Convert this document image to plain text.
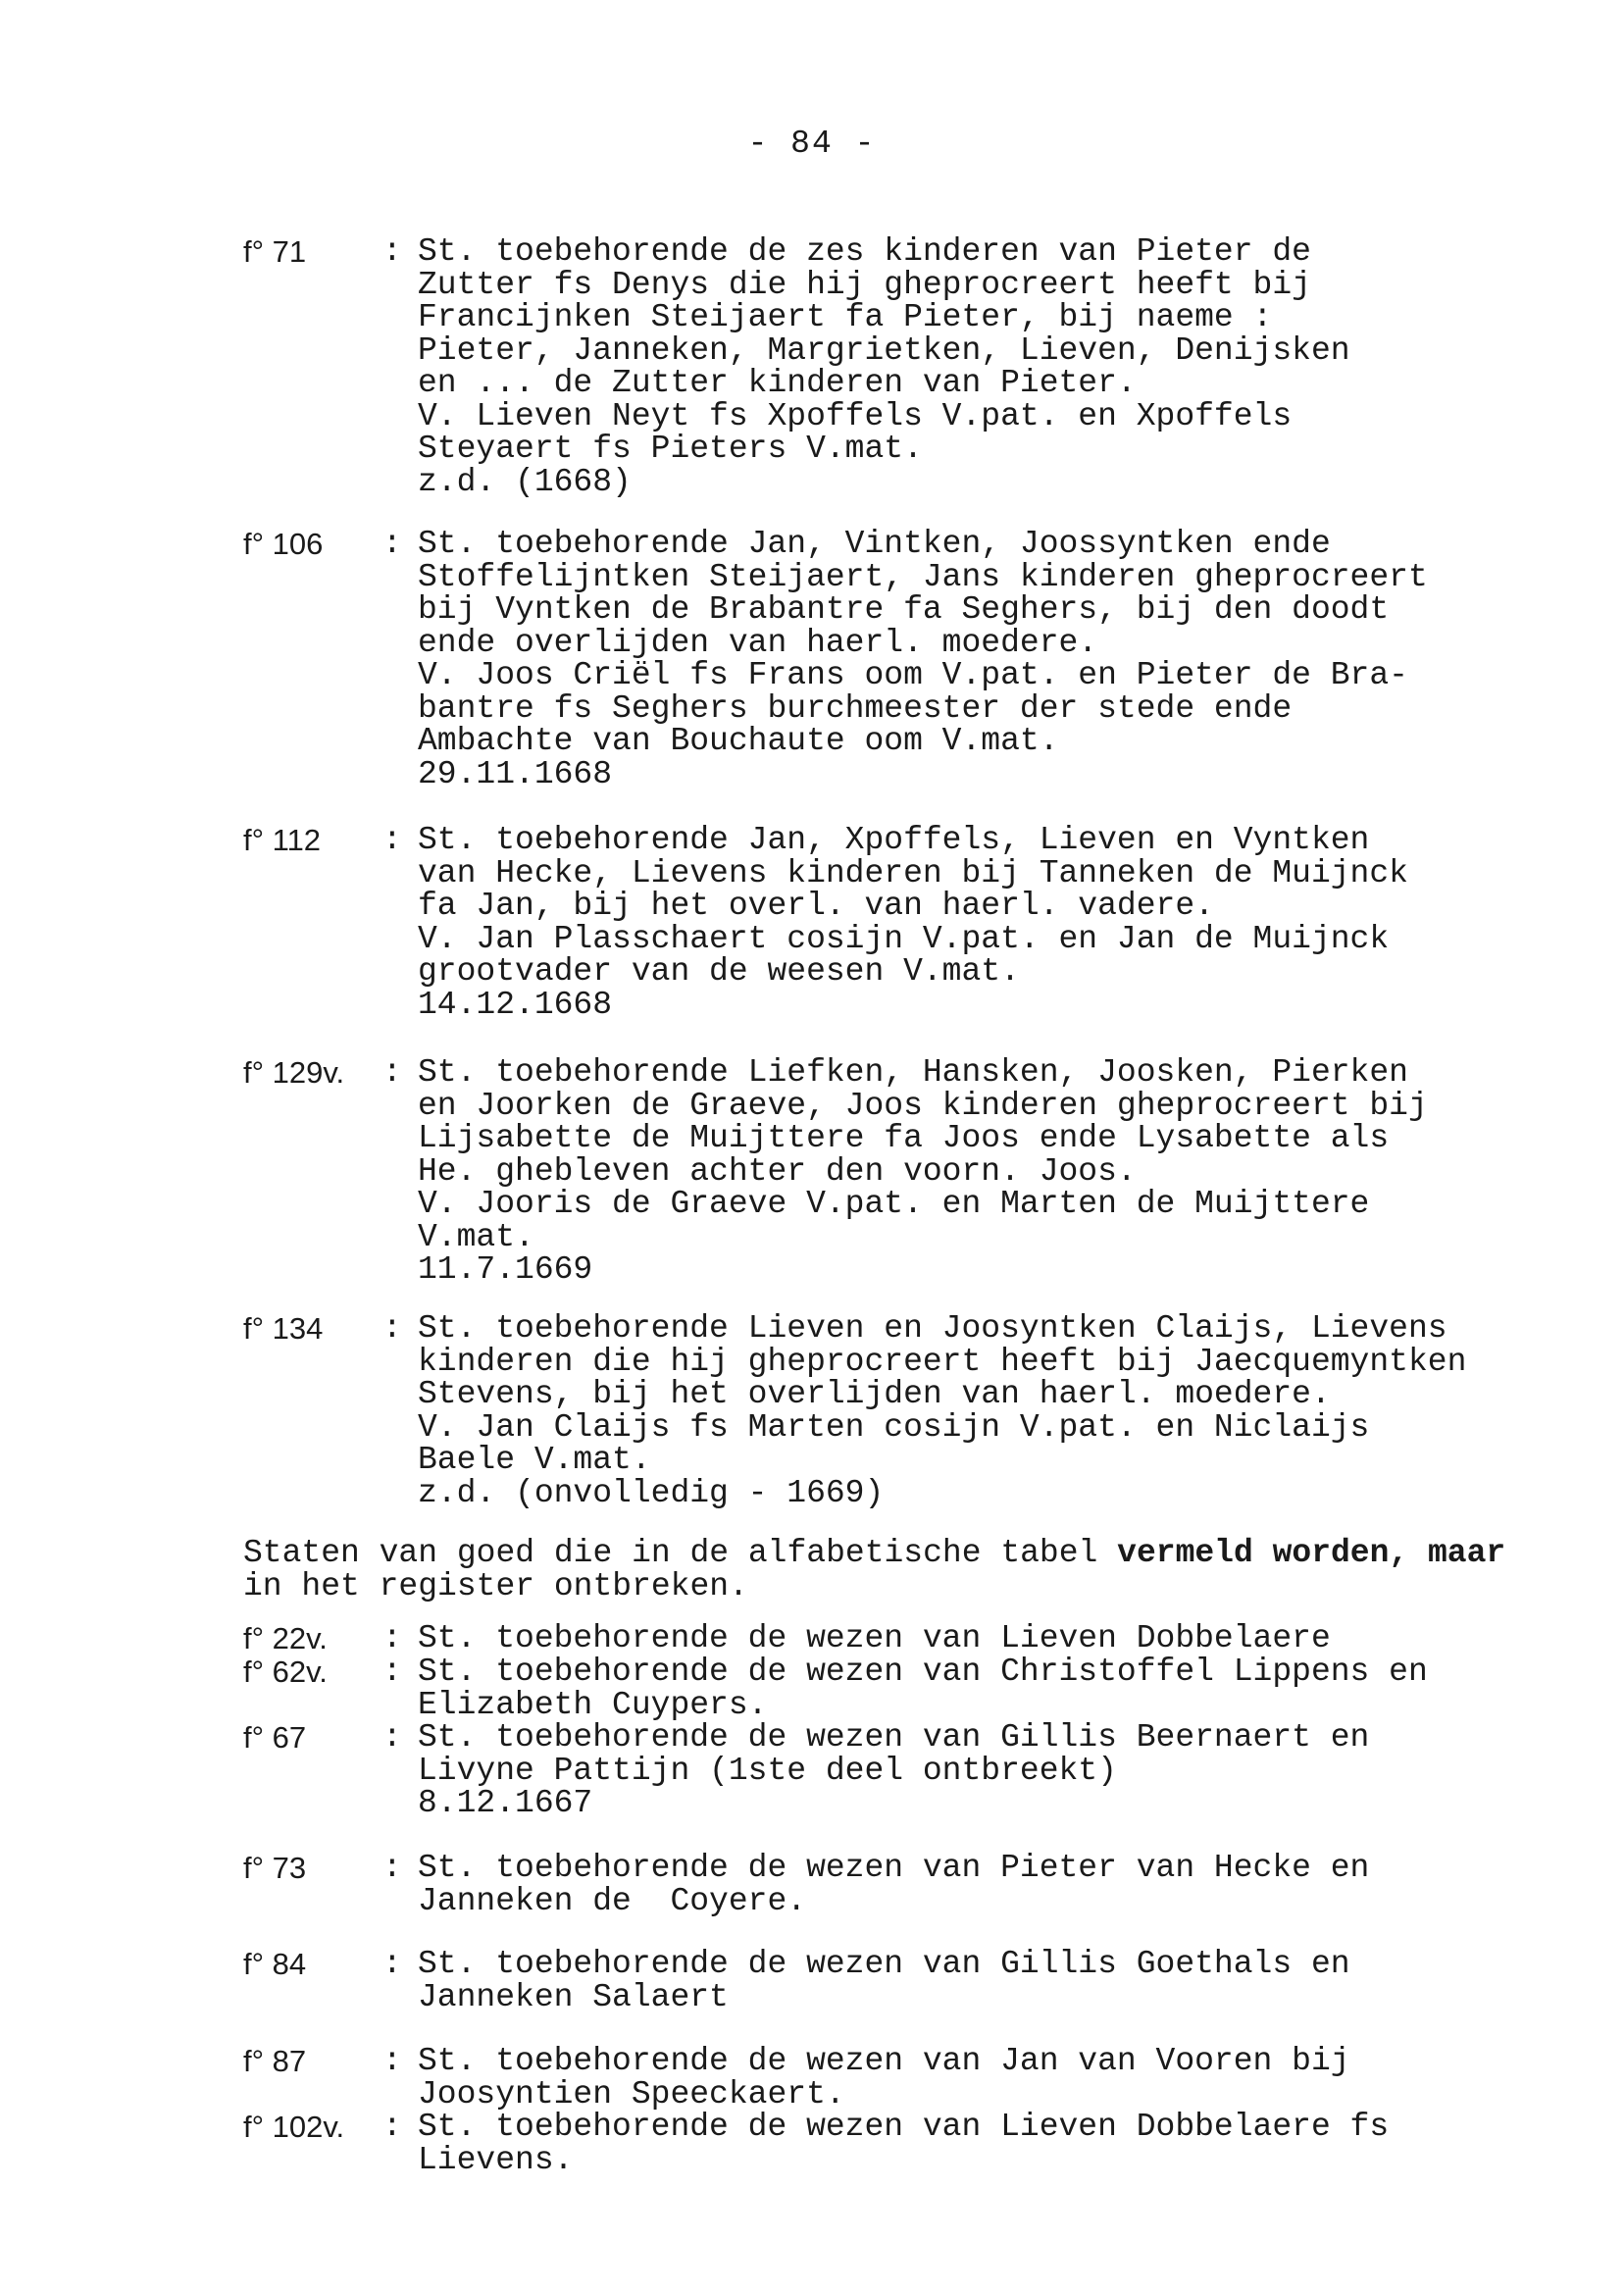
- 84 -
f° 71	: St. toebehorende de zes kinderen van Pieter de
Zutter fs Denys die hij gheprocreert heeft bij
Francijnken Steijaert fa Pieter, bij naeme :
Pieter, Janneken, Margrietken, Lieven, Denijsken
en ... de Zutter kinderen van Pieter.
V. Lieven Neyt fs Xpoffels V.pat. en Xpoffels
Steyaert fs Pieters V.mat.
z.d. (1668)
f° 106	: St. toebehorende Jan, Vintken, Joossyntken ende
Stoffelijntken Steijaert, Jans kinderen gheprocreert
bij Vyntken de Brabantre fa Seghers, bij den doodt
ende overlijden van haerl. moedere.
V. Joos Criël fs Frans oom V.pat. en Pieter de Bra-
bantre fs Seghers burchmeester der stede ende
Ambachte van Bouchaute oom V.mat.
29.11.1668
f° 112	: St. toebehorende Jan, Xpoffels, Lieven en Vyntken
van Hecke, Lievens kinderen bij Tanneken de Muijnck
fa Jan, bij het overl. van haerl. vadere.
V. Jan Plasschaert cosijn V.pat. en Jan de Muijnck
grootvader van de weesen V.mat.
14.12.1668
f° 129v.	: St. toebehorende Liefken, Hansken, Joosken, Pierken
en Joorken de Graeve, Joos kinderen gheprocreert bij
Lijsabette de Muijttere fa Joos ende Lysabette als
He. ghebleven achter den voorn. Joos.
V. Jooris de Graeve V.pat. en Marten de Muijttere
V.mat.
11.7.1669
f° 134	: St. toebehorende Lieven en Joosyntken Claijs, Lievens
kinderen die hij gheprocreert heeft bij Jaecquemyntken
Stevens, bij het overlijden van haerl. moedere.
V. Jan Claijs fs Marten cosijn V.pat. en Niclaijs
Baele V.mat.
z.d. (onvolledig - 1669)
Staten van goed die in de alfabetische tabel vermeld worden, maar
in het register ontbreken.
f° 22v.	: St. toebehorende de wezen van Lieven Dobbelaere
f° 62v.	: St. toebehorende de wezen van Christoffel Lippens en
Elizabeth Cuypers.
f° 67	: St. toebehorende de wezen van Gillis Beernaert en
Livyne Pattijn (1ste deel ontbreekt)
8.12.1667
f° 73	: St. toebehorende de wezen van Pieter van Hecke en
Janneken de  Coyere.
f° 84	: St. toebehorende de wezen van Gillis Goethals en
Janneken Salaert
f° 87	: St. toebehorende de wezen van Jan van Vooren bij
Joosyntien Speeckaert.
f° 102v.	: St. toebehorende de wezen van Lieven Dobbelaere fs
Lievens.
